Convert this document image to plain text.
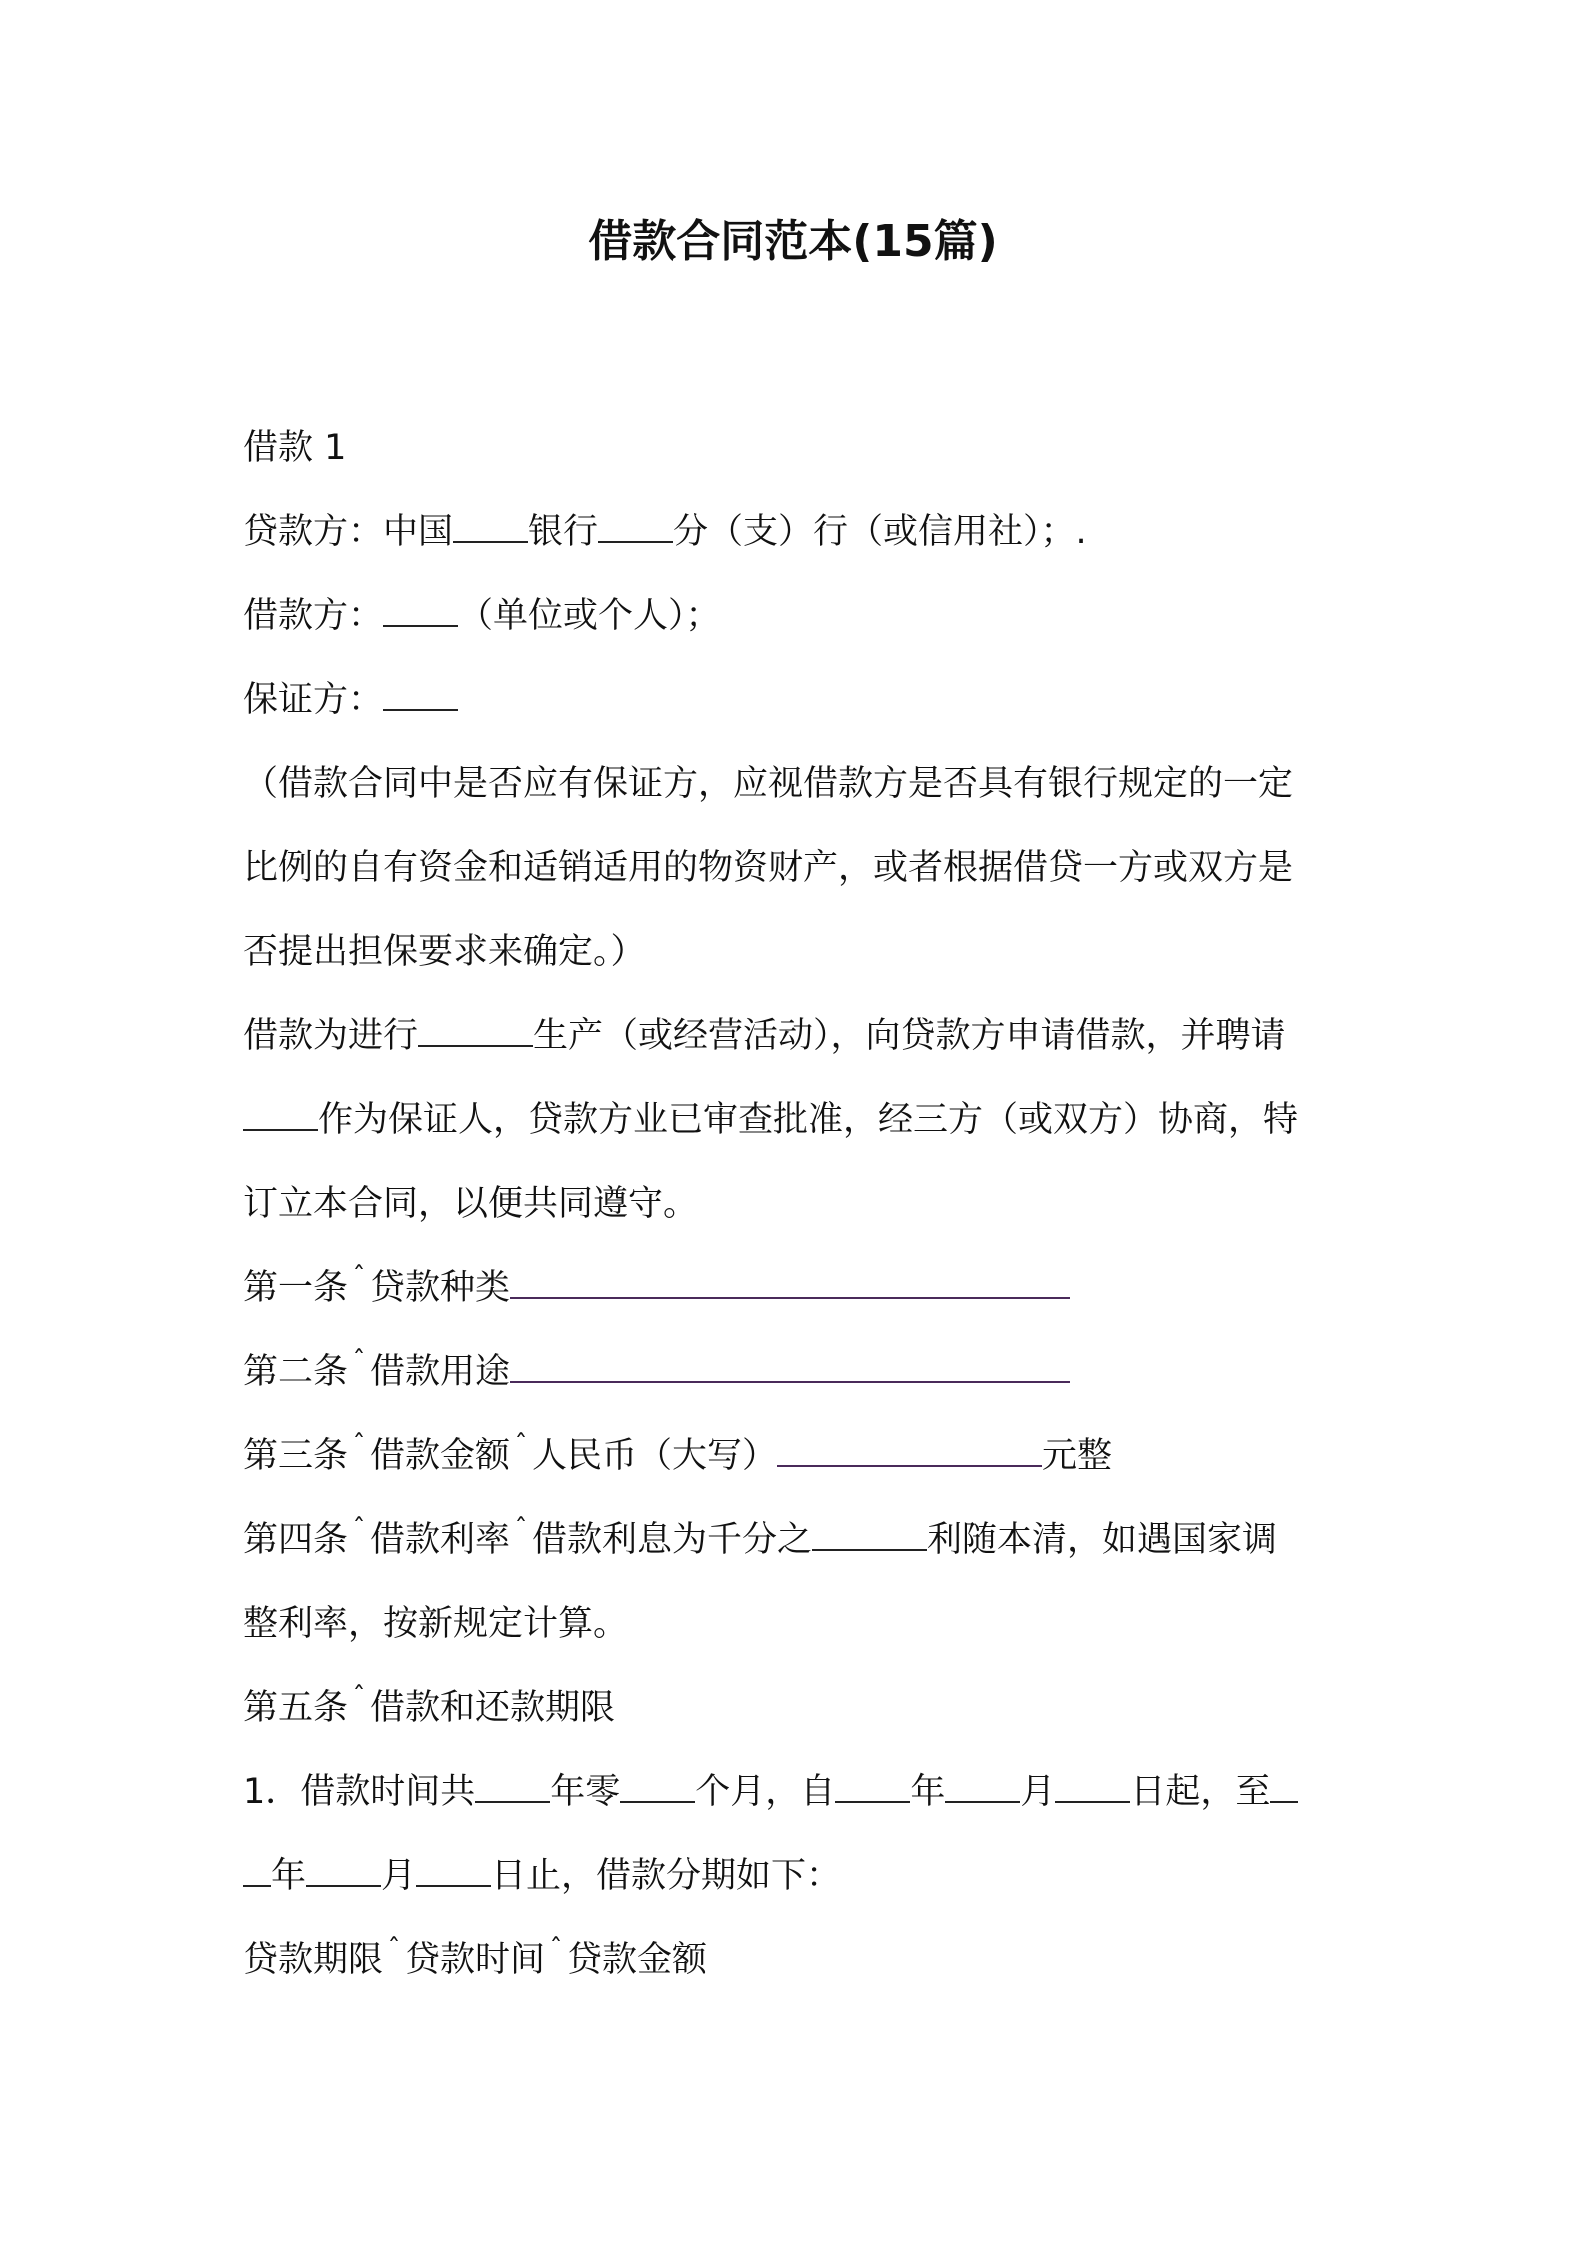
借款合同范本(15篇)
借款 1
贷款方：中国 银行 分（支）行（或信用社）；.
借款方： （单位或个人）；
保证方：
（借款合同中是否应有保证方，应视借款方是否具有银行规定的一定
比例的自有资金和适销适用的物资财产，或者根据借贷一方或双方是
否提出担保要求来确定。）
借款为进行	生产（或经营活动），向贷款方申请借款，并聘请
作为保证人，贷款方业已审查批准，经三方（或双方）协商，特
订立本合同，以便共同遵守。
第一条 ˆ 贷款种类
第二条 ˆ 借款用途
第三条 ˆ 借款金额 ˆ 人民币（大写）	元整
第四条 ˆ 借款利率 ˆ 借款利息为千分之	利随本清，如遇国家调
整利率，按新规定计算。
第五条 ˆ 借款和还款期限
1．借款时间共 年零 个月，自 年 月 日起，至
年 月 日止，借款分期如下：
贷款期限 ˆ 贷款时间 ˆ 贷款金额
